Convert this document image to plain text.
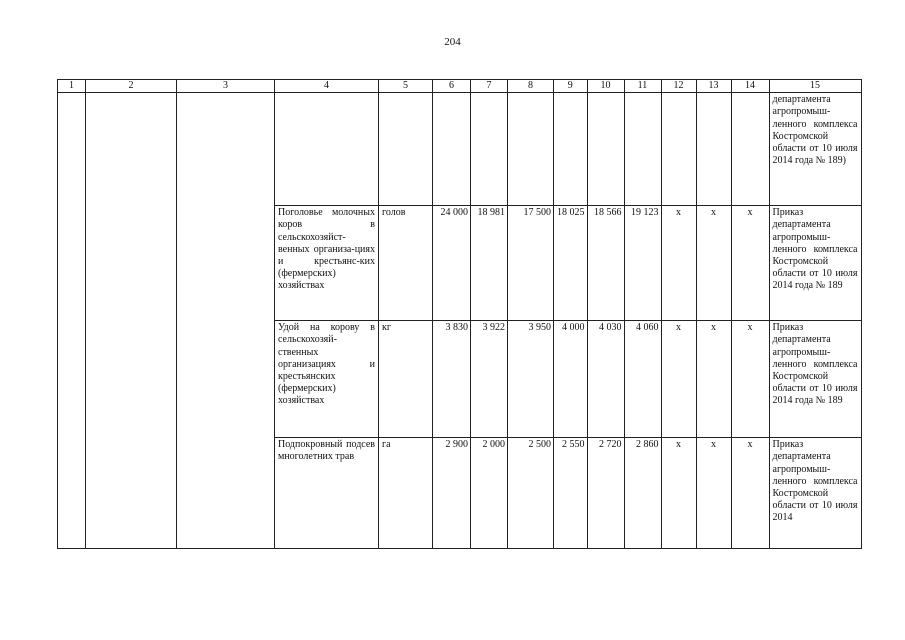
204
1	2	3	4	5	6	7	8	9	10	11	12	13	14	15
														департамента агропромыш-ленного комплекса Костромской области от 10 июля 2014 года № 189)
			Поголовье молочных коров в сельскохозяйст-венных организа-циях и крестьянс-ких (фермерских) хозяйствах	голов	24 000	18 981	17 500	18 025	18 566	19 123	х	х	х	Приказ департамента агропромыш-ленного комплекса Костромской области от 10 июля 2014 года № 189
			Удой на корову в сельскохозяй-ственных организациях и крестьянских (фермерских) хозяйствах	кг	3 830	3 922	3 950	4 000	4 030	4 060	х	х	х	Приказ департамента агропромыш-ленного комплекса Костромской области от 10 июля 2014 года № 189
			Подпокровный подсев многолетних трав	га	2 900	2 000	2 500	2 550	2 720	2 860	х	х	х	Приказ департамента агропромыш-ленного комплекса Костромской области от 10 июля 2014
